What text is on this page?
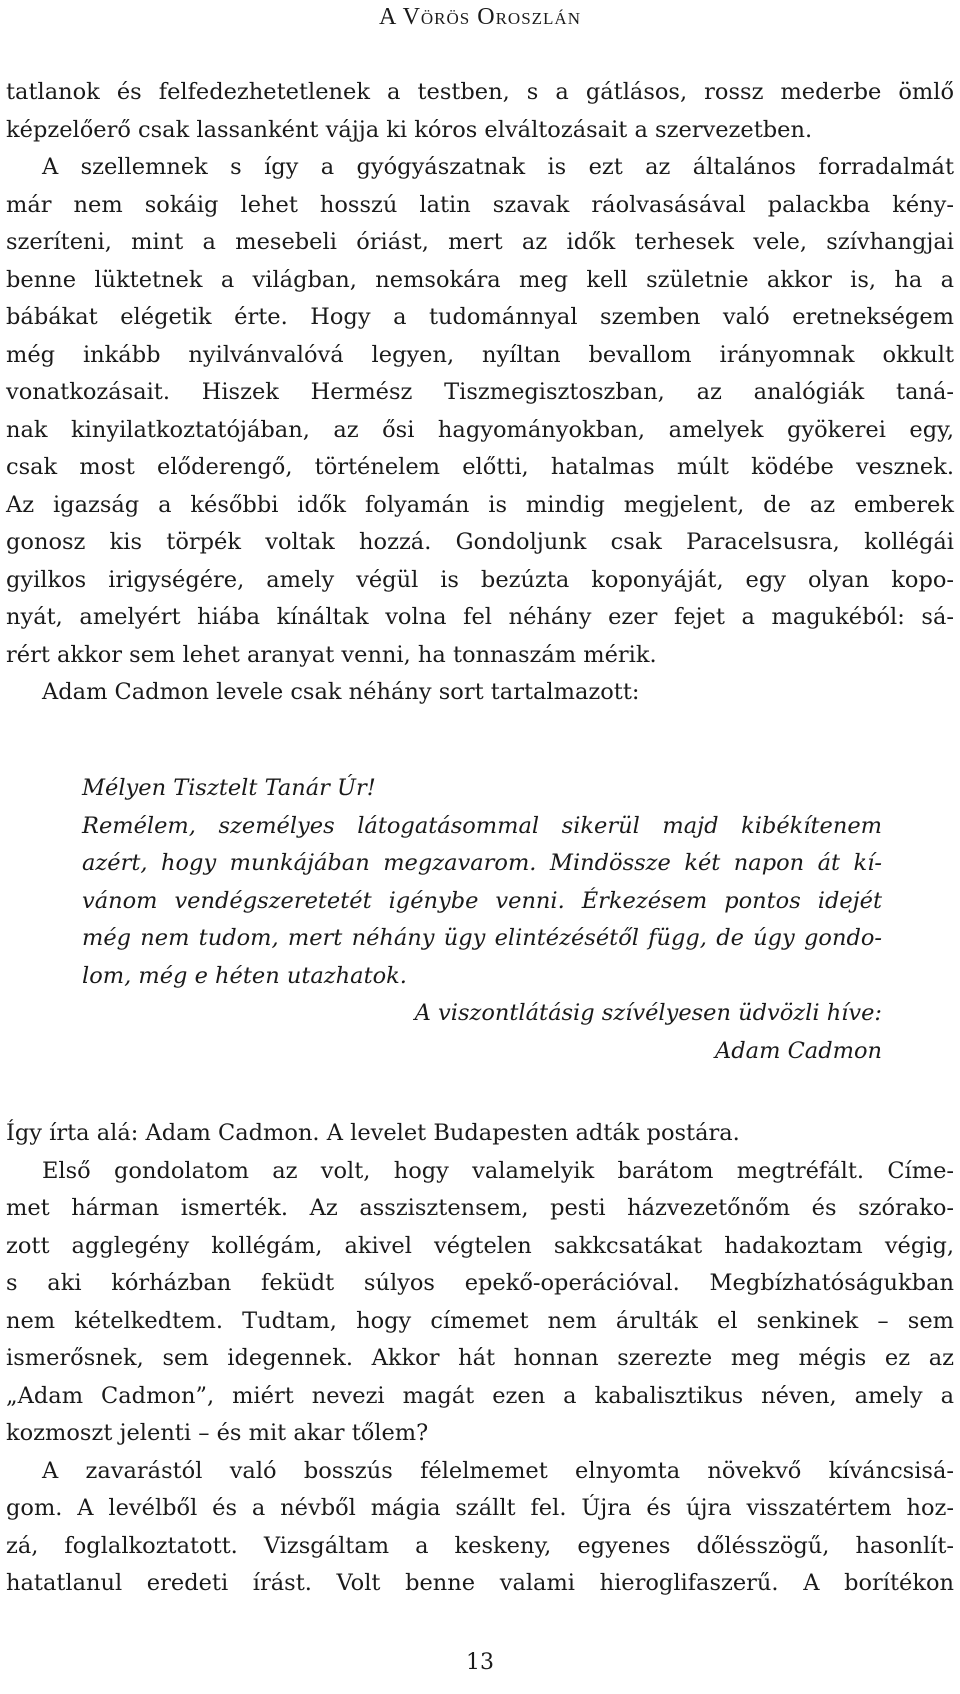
A Vörös Oroszlán
tatlanok és felfedezhetetlenek a testben, s a gátlásos, rossz mederbe ömlő
képzelőerő csak lassanként vájja ki kóros elváltozásait a szervezetben.
A szellemnek s így a gyógyászatnak is ezt az általános forradalmát
már nem sokáig lehet hosszú latin szavak ráolvasásával palackba kény-
szeríteni, mint a mesebeli óriást, mert az idők terhesek vele, szívhangjai
benne lüktetnek a világban, nemsokára meg kell születnie akkor is, ha a
bábákat elégetik érte. Hogy a tudománnyal szemben való eretnekségem
még inkább nyilvánvalóvá legyen, nyíltan bevallom irányomnak okkult
vonatkozásait. Hiszek Hermész Tiszmegisztoszban, az analógiák taná-
nak kinyilatkoztatójában, az ősi hagyományokban, amelyek gyökerei egy,
csak most előderengő, történelem előtti, hatalmas múlt ködébe vesznek.
Az igazság a későbbi idők folyamán is mindig megjelent, de az emberek
gonosz kis törpék voltak hozzá. Gondoljunk csak Paracelsusra, kollégái
gyilkos irigységére, amely végül is bezúzta koponyáját, egy olyan kopo-
nyát, amelyért hiába kínáltak volna fel néhány ezer fejet a magukéból: sá-
rért akkor sem lehet aranyat venni, ha tonnaszám mérik.
Adam Cadmon levele csak néhány sort tartalmazott:
Mélyen Tisztelt Tanár Úr!
Remélem, személyes látogatásommal sikerül majd kibékítenem
azért, hogy munkájában megzavarom. Mindössze két napon át kí-
vánom vendégszeretetét igénybe venni. Érkezésem pontos idejét
még nem tudom, mert néhány ügy elintézésétől függ, de úgy gondo-
lom, még e héten utazhatok.
A viszontlátásig szívélyesen üdvözli híve:
Adam Cadmon
Így írta alá: Adam Cadmon. A levelet Budapesten adták postára.
Első gondolatom az volt, hogy valamelyik barátom megtréfált. Címe-
met hárman ismerték. Az asszisztensem, pesti házvezetőnőm és szórako-
zott agglegény kollégám, akivel végtelen sakkcsatákat hadakoztam végig,
s aki kórházban feküdt súlyos epekő-operációval. Megbízhatóságukban
nem kételkedtem. Tudtam, hogy címemet nem árulták el senkinek – sem
ismerősnek, sem idegennek. Akkor hát honnan szerezte meg mégis ez az
„Adam Cadmon”, miért nevezi magát ezen a kabalisztikus néven, amely a
kozmoszt jelenti – és mit akar tőlem?
A zavarástól való bosszús félelmemet elnyomta növekvő kíváncsisá-
gom. A levélből és a névből mágia szállt fel. Újra és újra visszatértem hoz-
zá, foglalkoztatott. Vizsgáltam a keskeny, egyenes dőlésszögű, hasonlít-
hatatlanul eredeti írást. Volt benne valami hieroglifaszerű. A borítékon
13
